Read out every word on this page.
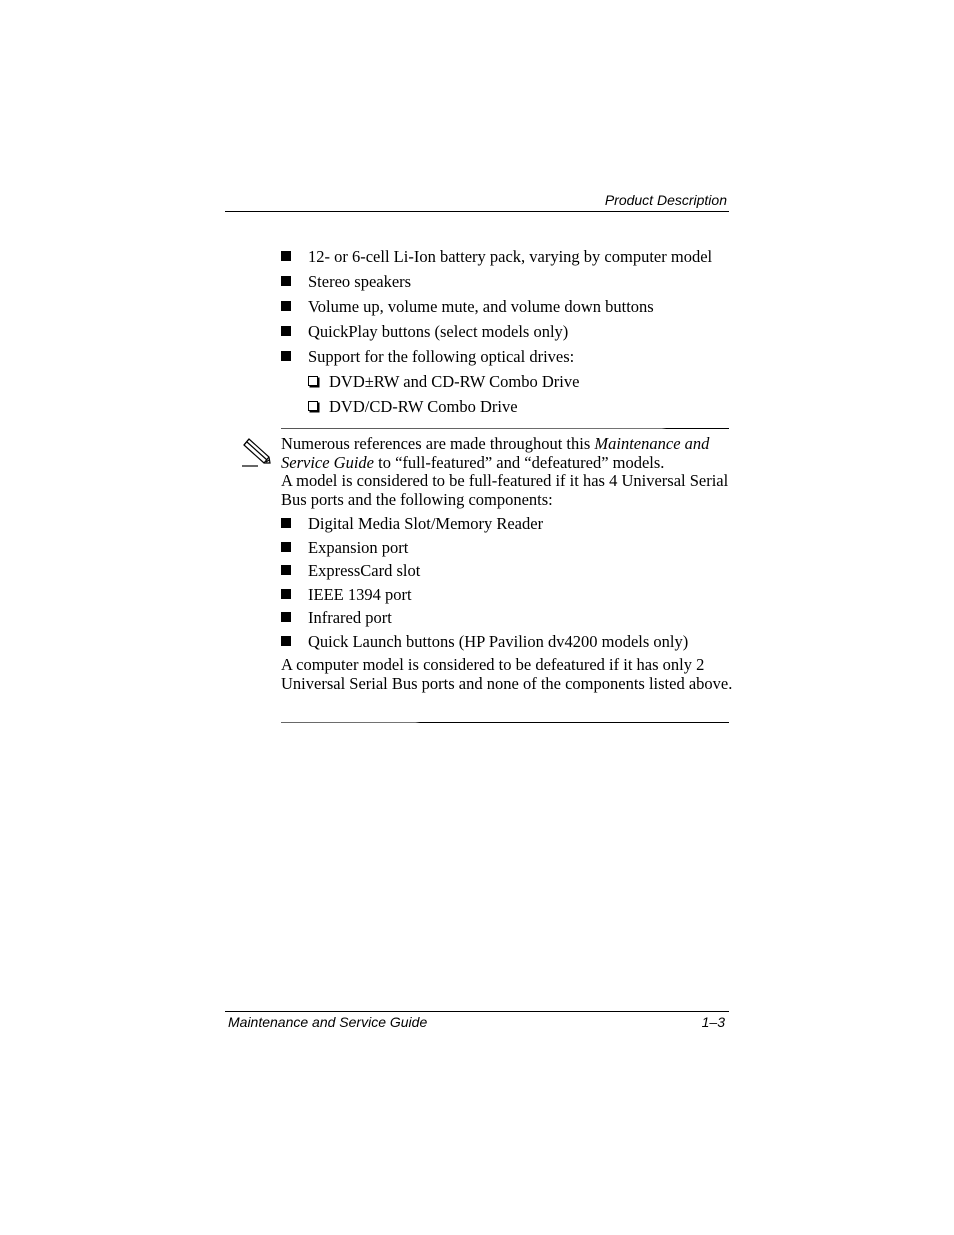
Product Description
12- or 6-cell Li-Ion battery pack, varying by computer model
Stereo speakers
Volume up, volume mute, and volume down buttons
QuickPlay buttons (select models only)
Support for the following optical drives:
DVD±RW and CD-RW Combo Drive
DVD/CD-RW Combo Drive

Numerous references are made throughout this Maintenance and Service Guide to “full-featured” and “defeatured” models.

A model is considered to be full-featured if it has 4 Universal Serial Bus ports and the following components:

Digital Media Slot/Memory Reader
Expansion port
ExpressCard slot
IEEE 1394 port
Infrared port
Quick Launch buttons (HP Pavilion dv4200 models only)

A computer model is considered to be defeatured if it has only 2 Universal Serial Bus ports and none of the components listed above.

Maintenance and Service Guide	1–3
